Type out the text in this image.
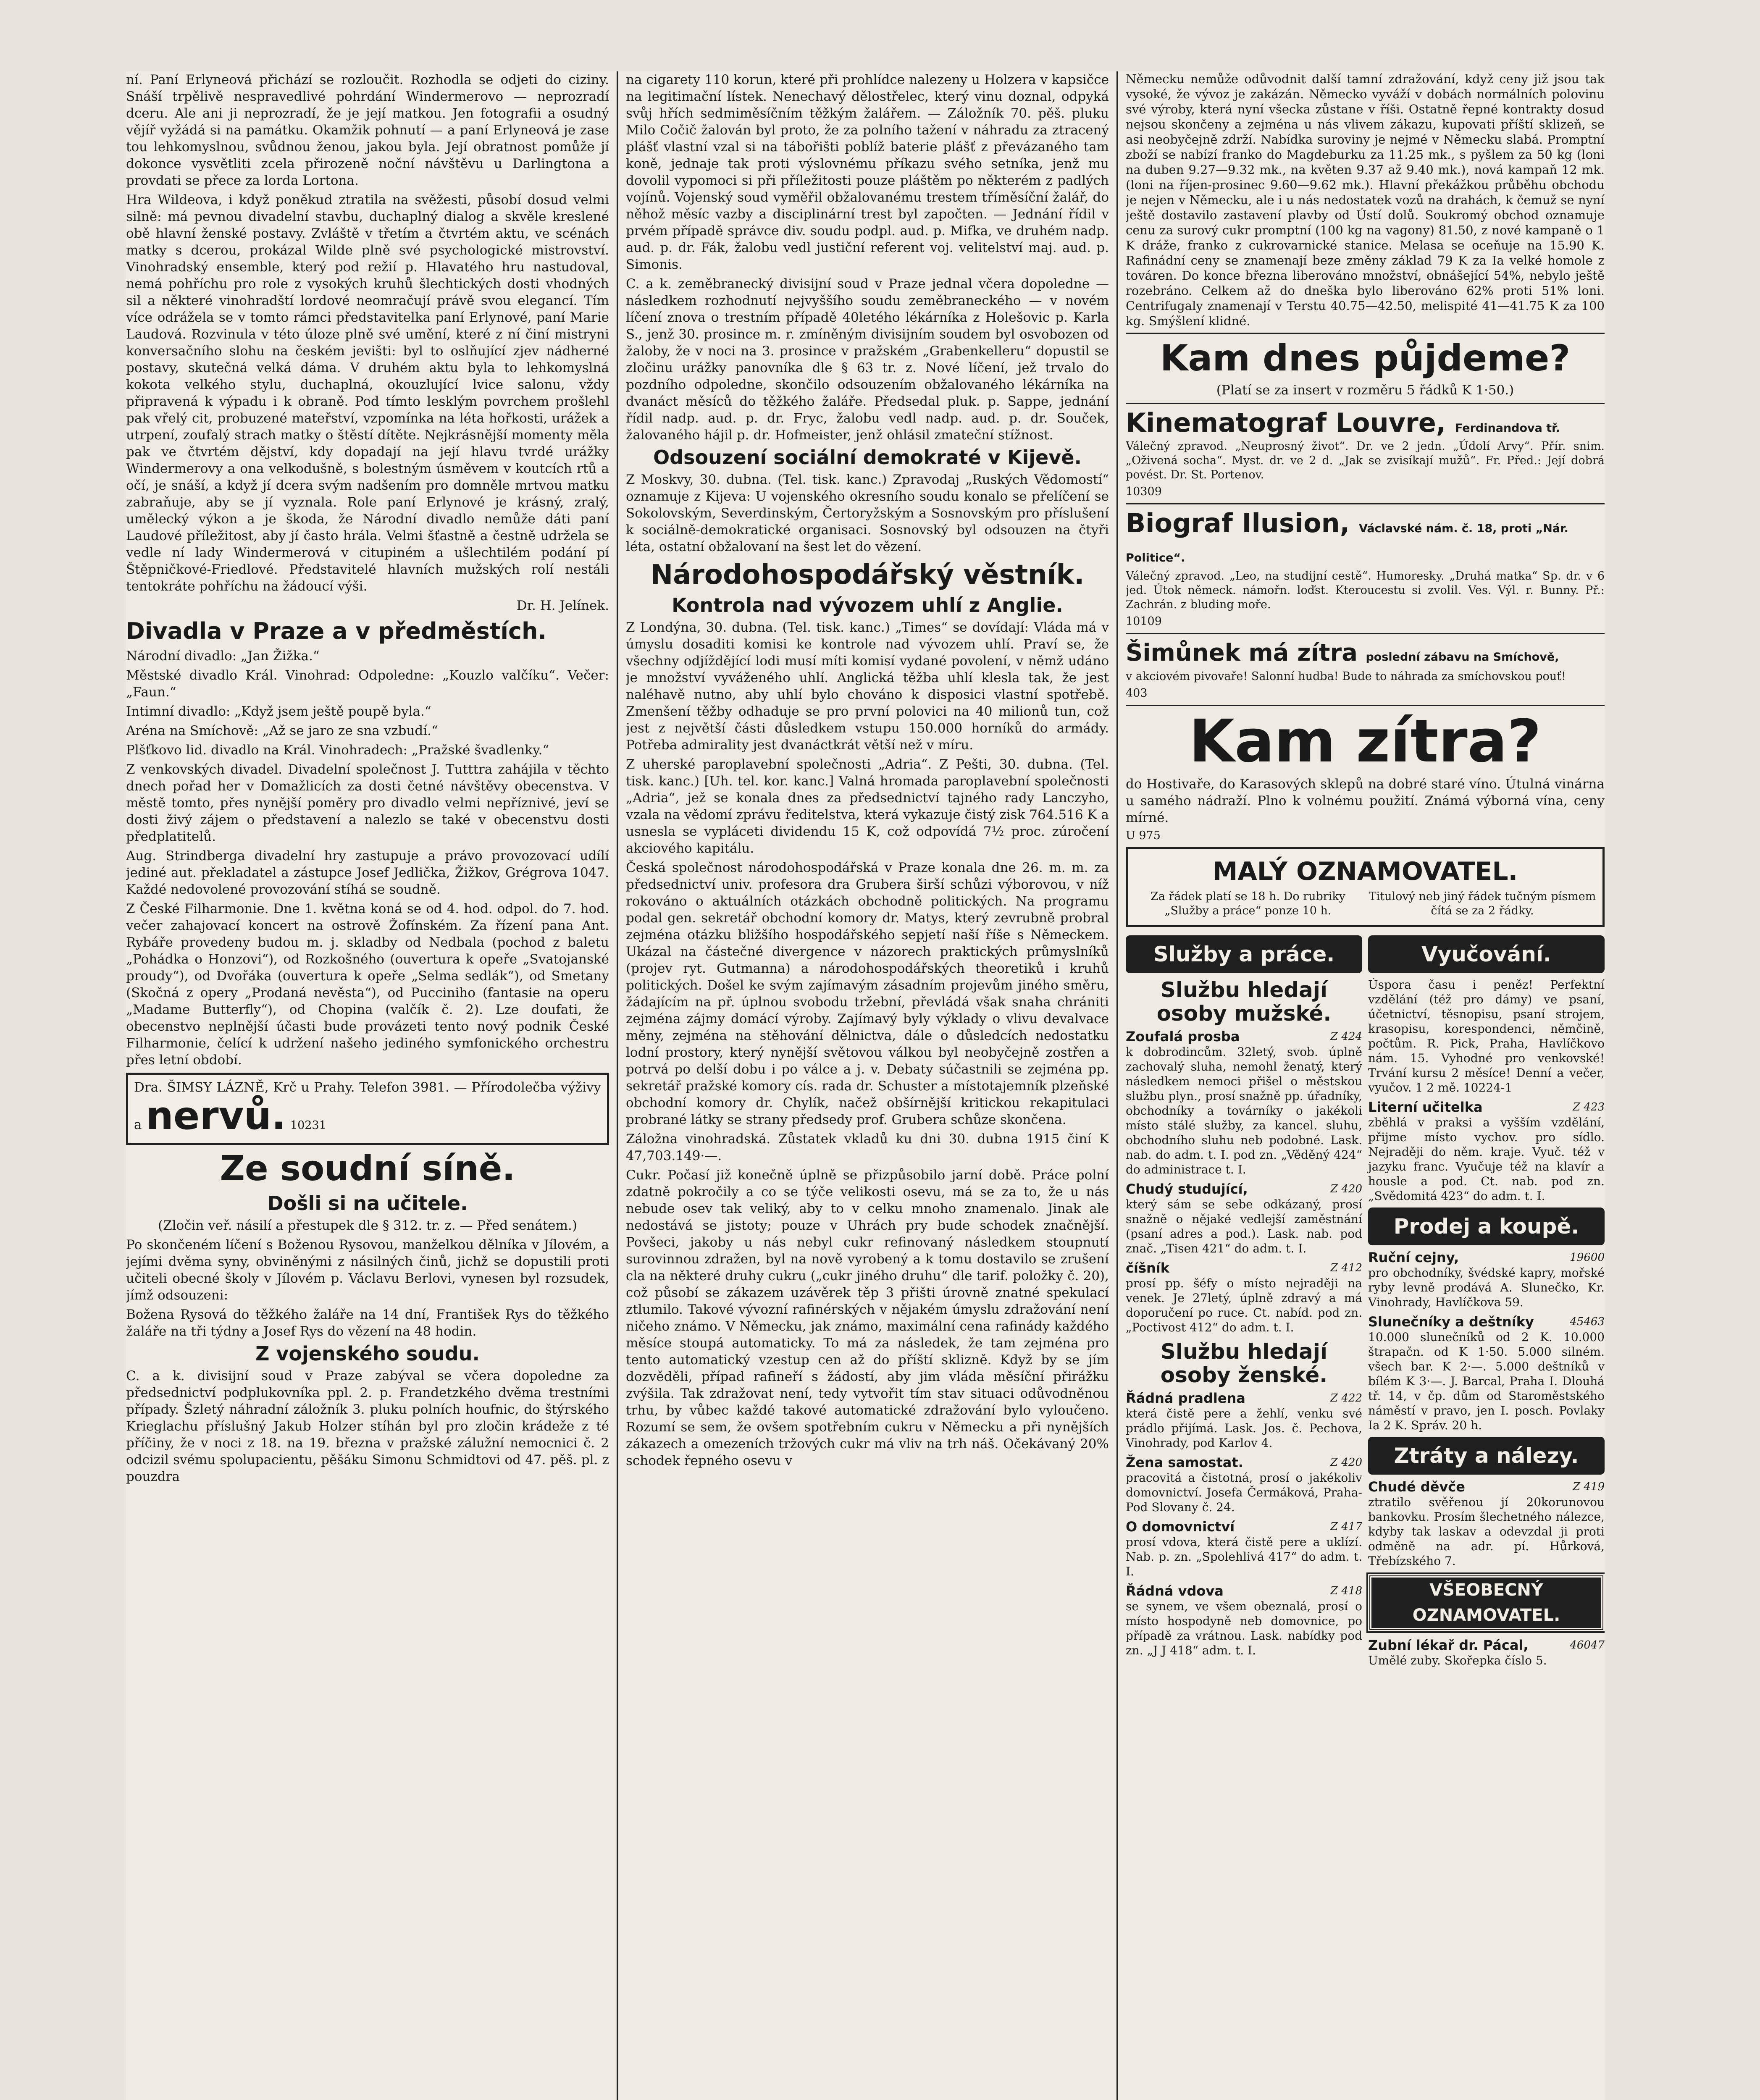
ní. Paní Erlyneová přichází se rozloučit. Rozhodla se odjeti do ciziny. Snáší trpělivě nespravedlivé pohrdání Windermerovo — neprozradí dceru. Ale ani ji neprozradí, že je její matkou. Jen fotografii a osudný vějíř vyžádá si na památku. Okamžik pohnutí — a paní Erlyneová je zase tou lehkomyslnou, svůdnou ženou, jakou byla. Její obratnost pomůže jí dokonce vysvětliti zcela přirozeně noční návštěvu u Darlingtona a provdati se přece za lorda Lortona.

Hra Wildeova, i když poněkud ztratila na svěžesti, působí dosud velmi silně: má pevnou divadelní stavbu, duchaplný dialog a skvěle kreslené obě hlavní ženské postavy. Zvláště v třetím a čtvrtém aktu, ve scénách matky s dcerou, prokázal Wilde plně své psychologické mistrovství. Vinohradský ensemble, který pod režií p. Hlavatého hru nastudoval, nemá pohříchu pro role z vysokých kruhů šlechtických dosti vhodných sil a některé vinohradští lordové neomračují právě svou elegancí. Tím více odrážela se v tomto rámci představitelka paní Erlynové, paní Marie Laudová. Rozvinula v této úloze plně své umění, které z ní činí mistryni konversačního slohu na českém jevišti: byl to oslňující zjev nádherné postavy, skutečná velká dáma. V druhém aktu byla to lehkomyslná kokota velkého stylu, duchaplná, okouzlující lvice salonu, vždy připravená k výpadu i k obraně. Pod tímto lesklým povrchem prošlehl pak vřelý cit, probuzené mateřství, vzpomínka na léta hořkosti, urážek a utrpení, zoufalý strach matky o štěstí dítěte. Nejkrásnější momenty měla pak ve čtvrtém dějství, kdy dopadají na její hlavu tvrdé urážky Windermerovy a ona velkodušně, s bolestným úsměvem v koutcích rtů a očí, je snáší, a když jí dcera svým nadšením pro domněle mrtvou matku zabraňuje, aby se jí vyznala. Role paní Erlynové je krásný, zralý, umělecký výkon a je škoda, že Národní divadlo nemůže dáti paní Laudové příležitost, aby jí často hrála. Velmi šťastně a čestně udržela se vedle ní lady Windermerová v citupiném a ušlechtilém podání pí Štěpničkové-Friedlové. Představitelé hlavních mužských rolí nestáli tentokráte pohříchu na žádoucí výši.

Dr. H. Jelínek.
Divadla v Praze a v předměstích.

Národní divadlo: „Jan Žižka.“

Městské divadlo Král. Vinohrad: Odpoledne: „Kouzlo valčíku“. Večer: „Faun.“

Intimní divadlo: „Když jsem ještě poupě byla.“

Aréna na Smíchově: „Až se jaro ze sna vzbudí.“

Plšťkovo lid. divadlo na Král. Vinohradech: „Pražské švadlenky.“

Z venkovských divadel. Divadelní společnost J. Tutttra zahájila v těchto dnech pořad her v Domažlicích za dosti četné návštěvy obecenstva. V městě tomto, přes nynější poměry pro divadlo velmi nepříznivé, jeví se dosti živý zájem o představení a nalezlo se také v obecenstvu dosti předplatitelů.

Aug. Strindberga divadelní hry zastupuje a právo provozovací udílí jediné aut. překladatel a zástupce Josef Jedlička, Žižkov, Grégrova 1047. Každé nedovolené provozování stíhá se soudně.

Z České Filharmonie. Dne 1. května koná se od 4. hod. odpol. do 7. hod. večer zahajovací koncert na ostrově Žofínském. Za řízení pana Ant. Rybáře provedeny budou m. j. skladby od Nedbala (pochod z baletu „Pohádka o Honzovi“), od Rozkošného (ouvertura k opeře „Svatojanské proudy“), od Dvořáka (ouvertura k opeře „Selma sedlák“), od Smetany (Skočná z opery „Prodaná nevěsta“), od Pucciniho (fantasie na operu „Madame Butterfly“), od Chopina (valčík č. 2). Lze doufati, že obecenstvo neplnější účasti bude provázeti tento nový podnik České Filharmonie, čelící k udržení našeho jediného symfonického orchestru přes letní období.

Dra. ŠIMSY LÁZNĚ, Krč u Prahy. Telefon 3981. — Přírodolečba výživy a nervů. 10231

Ze soudní síně.
Došli si na učitele.
(Zločin veř. násilí a přestupek dle § 312. tr. z. — Před senátem.)

Po skončeném líčení s Boženou Rysovou, manželkou dělníka v Jílovém, a jejími dvěma syny, obviněnými z násilných činů, jichž se dopustili proti učiteli obecné školy v Jílovém p. Václavu Berlovi, vynesen byl rozsudek, jímž odsouzeni:

Božena Rysová do těžkého žaláře na 14 dní, František Rys do těžkého žaláře na tři týdny a Josef Rys do vězení na 48 hodin.

Z vojenského soudu.

C. a k. divisijní soud v Praze zabýval se včera dopoledne za předsednictví podplukovníka ppl. 2. p. Frandetzkého dvěma trestními případy. Šzletý náhradní záložník 3. pluku polních houfnic, do štýrského Krieglachu příslušný Jakub Holzer stíhán byl pro zločin krádeže z té příčiny, že v noci z 18. na 19. března v pražské zálužní nemocnici č. 2 odcizil svému spolupacientu, pěšáku Simonu Schmidtovi od 47. pěš. pl. z pouzdra

na cigarety 110 korun, které při prohlídce nalezeny u Holzera v kapsičce na legitimační lístek. Nenechavý dělostřelec, který vinu doznal, odpyká svůj hřích sedmiměsíčním těžkým žalářem. — Záložník 70. pěš. pluku Milo Cočič žalován byl proto, že za polního tažení v náhradu za ztracený plášť vlastní vzal si na tábořišti poblíž baterie plášť z převázaného tam koně, jednaje tak proti výslovnému příkazu svého setníka, jenž mu dovolil vypomoci si při příležitosti pouze pláštěm po některém z padlých vojínů. Vojenský soud vyměřil obžalovanému trestem tříměsíční žalář, do něhož měsíc vazby a disciplinární trest byl započten. — Jednání řídil v prvém případě správce div. soudu podpl. aud. p. Mifka, ve druhém nadp. aud. p. dr. Fák, žalobu vedl justiční referent voj. velitelství maj. aud. p. Simonis.

C. a k. zeměbranecký divisijní soud v Praze jednal včera dopoledne — následkem rozhodnutí nejvyššího soudu zeměbraneckého — v novém líčení znova o trestním případě 40letého lékárníka z Holešovic p. Karla S., jenž 30. prosince m. r. zmíněným divisijním soudem byl osvobozen od žaloby, že v noci na 3. prosince v pražském „Grabenkelleru“ dopustil se zločinu urážky panovníka dle § 63 tr. z. Nové líčení, jež trvalo do pozdního odpoledne, skončilo odsouzením obžalovaného lékárníka na dvanáct měsíců do těžkého žaláře. Předsedal pluk. p. Sappe, jednání řídil nadp. aud. p. dr. Fryc, žalobu vedl nadp. aud. p. dr. Souček, žalovaného hájil p. dr. Hofmeister, jenž ohlásil zmateční stížnost.

Odsouzení sociální demokraté v Kijevě.

Z Moskvy, 30. dubna. (Tel. tisk. kanc.) Zpravodaj „Ruských Vědomostí“ oznamuje z Kijeva: U vojenského okresního soudu konalo se přelíčení se Sokolovským, Severdinským, Čertoryžským a Sosnovským pro příslušení k sociálně-demokratické organisaci. Sosnovský byl odsouzen na čtyři léta, ostatní obžalovaní na šest let do vězení.

Národohospodářský věstník.
Kontrola nad vývozem uhlí z Anglie.

Z Londýna, 30. dubna. (Tel. tisk. kanc.) „Times“ se dovídají: Vláda má v úmyslu dosaditi komisi ke kontrole nad vývozem uhlí. Praví se, že všechny odjíždějící lodi musí míti komisí vydané povolení, v němž udáno je množství vyváženého uhlí. Anglická těžba uhlí klesla tak, že jest naléhavě nutno, aby uhlí bylo chováno k disposici vlastní spotřebě. Zmenšení těžby odhaduje se pro první polovici na 40 milionů tun, což jest z největší části důsledkem vstupu 150.000 horníků do armády. Potřeba admirality jest dvanáctkrát větší než v míru.

Z uherské paroplavební společnosti „Adria“. Z Pešti, 30. dubna. (Tel. tisk. kanc.) [Uh. tel. kor. kanc.] Valná hromada paroplavební společnosti „Adria“, jež se konala dnes za předsednictví tajného rady Lanczyho, vzala na vědomí zprávu ředitelstva, která vykazuje čistý zisk 764.516 K a usnesla se vypláceti dividendu 15 K, což odpovídá 7½ proc. zúročení akciového kapitálu.

Česká společnost národohospodářská v Praze konala dne 26. m. m. za předsednictví univ. profesora dra Grubera širší schůzi výborovou, v níž rokováno o aktuálních otázkách obchodně politických. Na programu podal gen. sekretář obchodní komory dr. Matys, který zevrubně probral zejména otázku bližšího hospodářského sepjetí naší říše s Německem. Ukázal na částečné divergence v názorech praktických průmyslníků (projev ryt. Gutmanna) a národohospodářských theoretiků i kruhů politických. Došel ke svým zajímavým zásadním projevům jiného směru, žádajícím na př. úplnou svobodu tržební, převládá však snaha chrániti zejména zájmy domácí výroby. Zajímavý byly výklady o vlivu devalvace měny, zejména na stěhování dělnictva, dále o důsledcích nedostatku lodní prostory, který nynější světovou válkou byl neobyčejně zostřen a potrvá po delší dobu i po válce a j. v. Debaty súčastnili se zejména pp. sekretář pražské komory cís. rada dr. Schuster a místotajemník plzeňské obchodní komory dr. Chylík, načež obšírnější kritickou rekapitulaci probrané látky se strany předsedy prof. Grubera schůze skončena.

Záložna vinohradská. Zůstatek vkladů ku dni 30. dubna 1915 činí K 47,703.149·—.

Cukr. Počasí již konečně úplně se přizpůsobilo jarní době. Práce polní zdatně pokročily a co se týče velikosti osevu, má se za to, že u nás nebude osev tak veliký, aby to v celku mnoho znamenalo. Jinak ale nedostává se jistoty; pouze v Uhrách pry bude schodek značnější. Povšeci, jakoby u nás nebyl cukr refinovaný následkem stoupnutí surovinnou zdražen, byl na nově vyrobený a k tomu dostavilo se zrušení cla na některé druhy cukru („cukr jiného druhu“ dle tarif. položky č. 20), což působí se zákazem uzávěrek těp 3 přišti úrovně znatné spekulací ztlumilo. Takové vývozní rafinérských v nějakém úmyslu zdražování není ničeho známo. V Německu, jak známo, maximální cena rafinády každého měsíce stoupá automaticky. To má za následek, že tam zejména pro tento automatický vzestup cen až do příští sklizně. Když by se jím dozvěděli, případ rafineří s žádostí, aby jim vláda měsíční přirážku zvýšila. Tak zdražovat není, tedy vytvořit tím stav situaci odůvodněnou trhu, by vůbec každé takové automatické zdražování bylo vyloučeno. Rozumí se sem, že ovšem spotřebním cukru v Německu a při nynějších zákazech a omezeních tržových cukr má vliv na trh náš. Očekávaný 20% schodek řepného osevu v

Německu nemůže odůvodnit další tamní zdražování, když ceny již jsou tak vysoké, že vývoz je zakázán. Německo vyváží v dobách normálních polovinu své výroby, která nyní všecka zůstane v říši. Ostatně řepné kontrakty dosud nejsou skončeny a zejména u nás vlivem zákazu, kupovati příští sklizeň, se asi neobyčejně zdrží. Nabídka suroviny je nejmé v Německu slabá. Promptní zboží se nabízí franko do Magdeburku za 11.25 mk., s pyšlem za 50 kg (loni na duben 9.27—9.32 mk., na květen 9.37 až 9.40 mk.), nová kampaň 12 mk. (loni na říjen-prosinec 9.60—9.62 mk.). Hlavní překážkou průběhu obchodu je nejen v Německu, ale i u nás nedostatek vozů na drahách, k čemuž se nyní ještě dostavilo zastavení plavby od Ústí dolů. Soukromý obchod oznamuje cenu za surový cukr promptní (100 kg na vagony) 81.50, z nové kampaně o 1 K dráže, franko z cukrovarnické stanice. Melasa se oceňuje na 15.90 K. Rafinádní ceny se znamenají beze změny základ 79 K za Ia velké homole z továren. Do konce března liberováno množství, obnášející 54%, nebylo ještě rozebráno. Celkem až do dneška bylo liberováno 62% proti 51% loni. Centrifugaly znamenají v Terstu 40.75—42.50, melispité 41—41.75 K za 100 kg. Smýšlení klidné.

Kam dnes půjdeme?
(Platí se za insert v rozměru 5 řádků K 1·50.)
Kinematograf Louvre, Ferdinandova tř.

Válečný zpravod. „Neuprosný život“. Dr. ve 2 jedn. „Údolí Arvy“. Přír. snim. „Oživená socha“. Myst. dr. ve 2 d. „Jak se zvisíkají mužů“. Fr. Před.: Její dobrá povést. Dr. St. Portenov.

10309

Biograf Ilusion, Václavské nám. č. 18, proti „Nár. Politice“.

Válečný zpravod. „Leo, na studijní cestě“. Humoresky. „Druhá matka“ Sp. dr. v 6 jed. Útok německ. námořn. loďst. Kteroucestu si zvolil. Ves. Výl. r. Bunny. Př.: Zachrán. z bluding moře.

10109

Šimůnek má zítra poslední zábavu na Smíchově,

v akciovém pivovaře! Salonní hudba! Bude to náhrada za smíchovskou pouť!

403

Kam zítra?

do Hostivaře, do Karasových sklepů na dobré staré víno. Útulná vinárna u samého nádraží. Plno k volnému použití. Známá výborná vína, ceny mírné.

U 975

MALÝ OZNAMOVATEL.
Za řádek platí se 18 h. Do rubriky „Služby a práce“ ponze 10 h.
Titulový neb jiný řádek tučným písmem čítá se za 2 řádky.
Služby a práce.
Službu hledají osoby mužské.
Zoufalá prosba	Z 424

k dobrodincům. 32letý, svob. úplně zachovalý sluha, nemohl ženatý, který následkem nemoci přišel o městskou službu plyn., prosí snažně pp. úřadníky, obchodníky a továrníky o jakékoli místo stálé služby, za kancel. sluhu, obchodního sluhu neb podobné. Lask. nab. do adm. t. I. pod zn. „Věděný 424“ do administrace t. I.

Chudý studující,	Z 420

který sám se sebe odkázaný, prosí snažně o nějaké vedlejší zaměstnání (psaní adres a pod.). Lask. nab. pod znač. „Tisen 421“ do adm. t. I.

číšník	Z 412

prosí pp. šéfy o místo nejraději na venek. Je 27letý, úplně zdravý a má doporučení po ruce. Ct. nabíd. pod zn. „Poctivost 412“ do adm. t. I.

Službu hledají osoby ženské.
Řádná pradlena	Z 422

která čistě pere a žehlí, venku své prádlo přijímá. Lask. Jos. č. Pechova, Vinohrady, pod Karlov 4.

Žena samostat.	Z 420

pracovitá a čistotná, prosí o jakékoliv domovnictví. Josefa Čermáková, Praha-Pod Slovany č. 24.

O domovnictví	Z 417

prosí vdova, která čistě pere a uklízí. Nab. p. zn. „Spolehlivá 417“ do adm. t. I.

Řádná vdova	Z 418

se synem, ve všem obeznalá, prosí o místo hospodyně neb domovnice, po případě za vrátnou. Lask. nabídky pod zn. „J J 418“ adm. t. I.

Vyučování.

Úspora času i peněz! Perfektní vzdělání (též pro dámy) ve psaní, účetnictví, těsnopisu, psaní strojem, krasopisu, korespondenci, němčině, počtům. R. Pick, Praha, Havlíčkovo nám. 15. Vyhodné pro venkovské! Trvání kursu 2 měsíce! Denní a večer, vyučov. 1 2 mě. 10224-1

Literní učitelka	Z 423

zběhlá v praksi a vyšším vzdělání, přijme místo vychov. pro sídlo. Nejraději do něm. kraje. Vyuč. též v jazyku franc. Vyučuje též na klavír a housle a pod. Ct. nab. pod zn. „Svědomitá 423“ do adm. t. I.

Prodej a koupě.
Ruční cejny,	19600

pro obchodníky, švédské kapry, mořské ryby levně prodává A. Slunečko, Kr. Vinohrady, Havlíčkova 59.

Slunečníky a deštníky	45463

10.000 slunečníků od 2 K. 10.000 štrapačn. od K 1·50. 5.000 silném. všech bar. K 2·—. 5.000 deštníků v bílém K 3·—. J. Barcal, Praha I. Dlouhá tř. 14, v čp. dům od Staroměstského náměstí v pravo, jen I. posch. Povlaky Ia 2 K. Správ. 20 h.

Ztráty a nálezy.
Chudé děvče	Z 419

ztratilo svěřenou jí 20korunovou bankovku. Prosím šlechetného nálezce, kdyby tak laskav a odevzdal ji proti odměně na adr. pí. Hůrková, Třebízského 7.

VŠEOBECNÝ OZNAMOVATEL.
Zubní lékař dr. Pácal,	46047

Umělé zuby. Skořepka číslo 5.
